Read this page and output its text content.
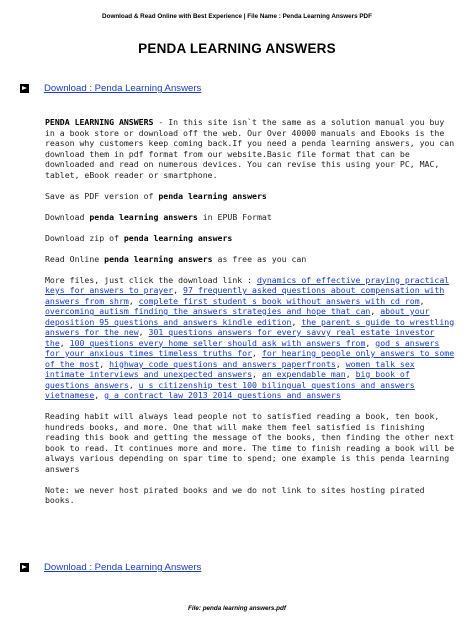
Download & Read Online with Best Experience | File Name : Penda Learning Answers PDF
PENDA LEARNING ANSWERS
Download : Penda Learning Answers

PENDA LEARNING ANSWERS - In this site isn`t the same as a solution manual you buy in a book store or download off the web. Our Over 40000 manuals and Ebooks is the reason why customers keep coming back.If you need a penda learning answers, you can download them in pdf format from our website.Basic file format that can be downloaded and read on numerous devices. You can revise this using your PC, MAC, tablet, eBook reader or smartphone.

Save as PDF version of penda learning answers

Download penda learning answers in EPUB Format

Download zip of penda learning answers

Read Online penda learning answers as free as you can

More files, just click the download link : dynamics of effective praying practical keys for answers to prayer, 97 frequently asked questions about compensation with answers from shrm, complete first student s book without answers with cd rom, overcoming autism finding the answers strategies and hope that can, about your deposition 95 questions and answers kindle edition, the parent s guide to wrestling answers for the new, 301 questions answers for every savvy real estate investor the, 100 questions every home seller should ask with answers from, god s answers for your anxious times timeless truths for, for hearing people only answers to some of the most, highway code questions and answers paperfronts, women talk sex intimate interviews and unexpected answers, an expendable man, big book of questions answers, u s citizenship test 100 bilingual questions and answers vietnamese, g a contract law 2013 2014 questions and answers

Reading habit will always lead people not to satisfied reading a book, ten book, hundreds books, and more. One that will make them feel satisfied is finishing reading this book and getting the message of the books, then finding the other next book to read. It continues more and more. The time to finish reading a book will be always various depending on spar time to spend; one example is this penda learning answers

Note: we never host pirated books and we do not link to sites hosting pirated books.

Download : Penda Learning Answers
File: penda learning answers.pdf
